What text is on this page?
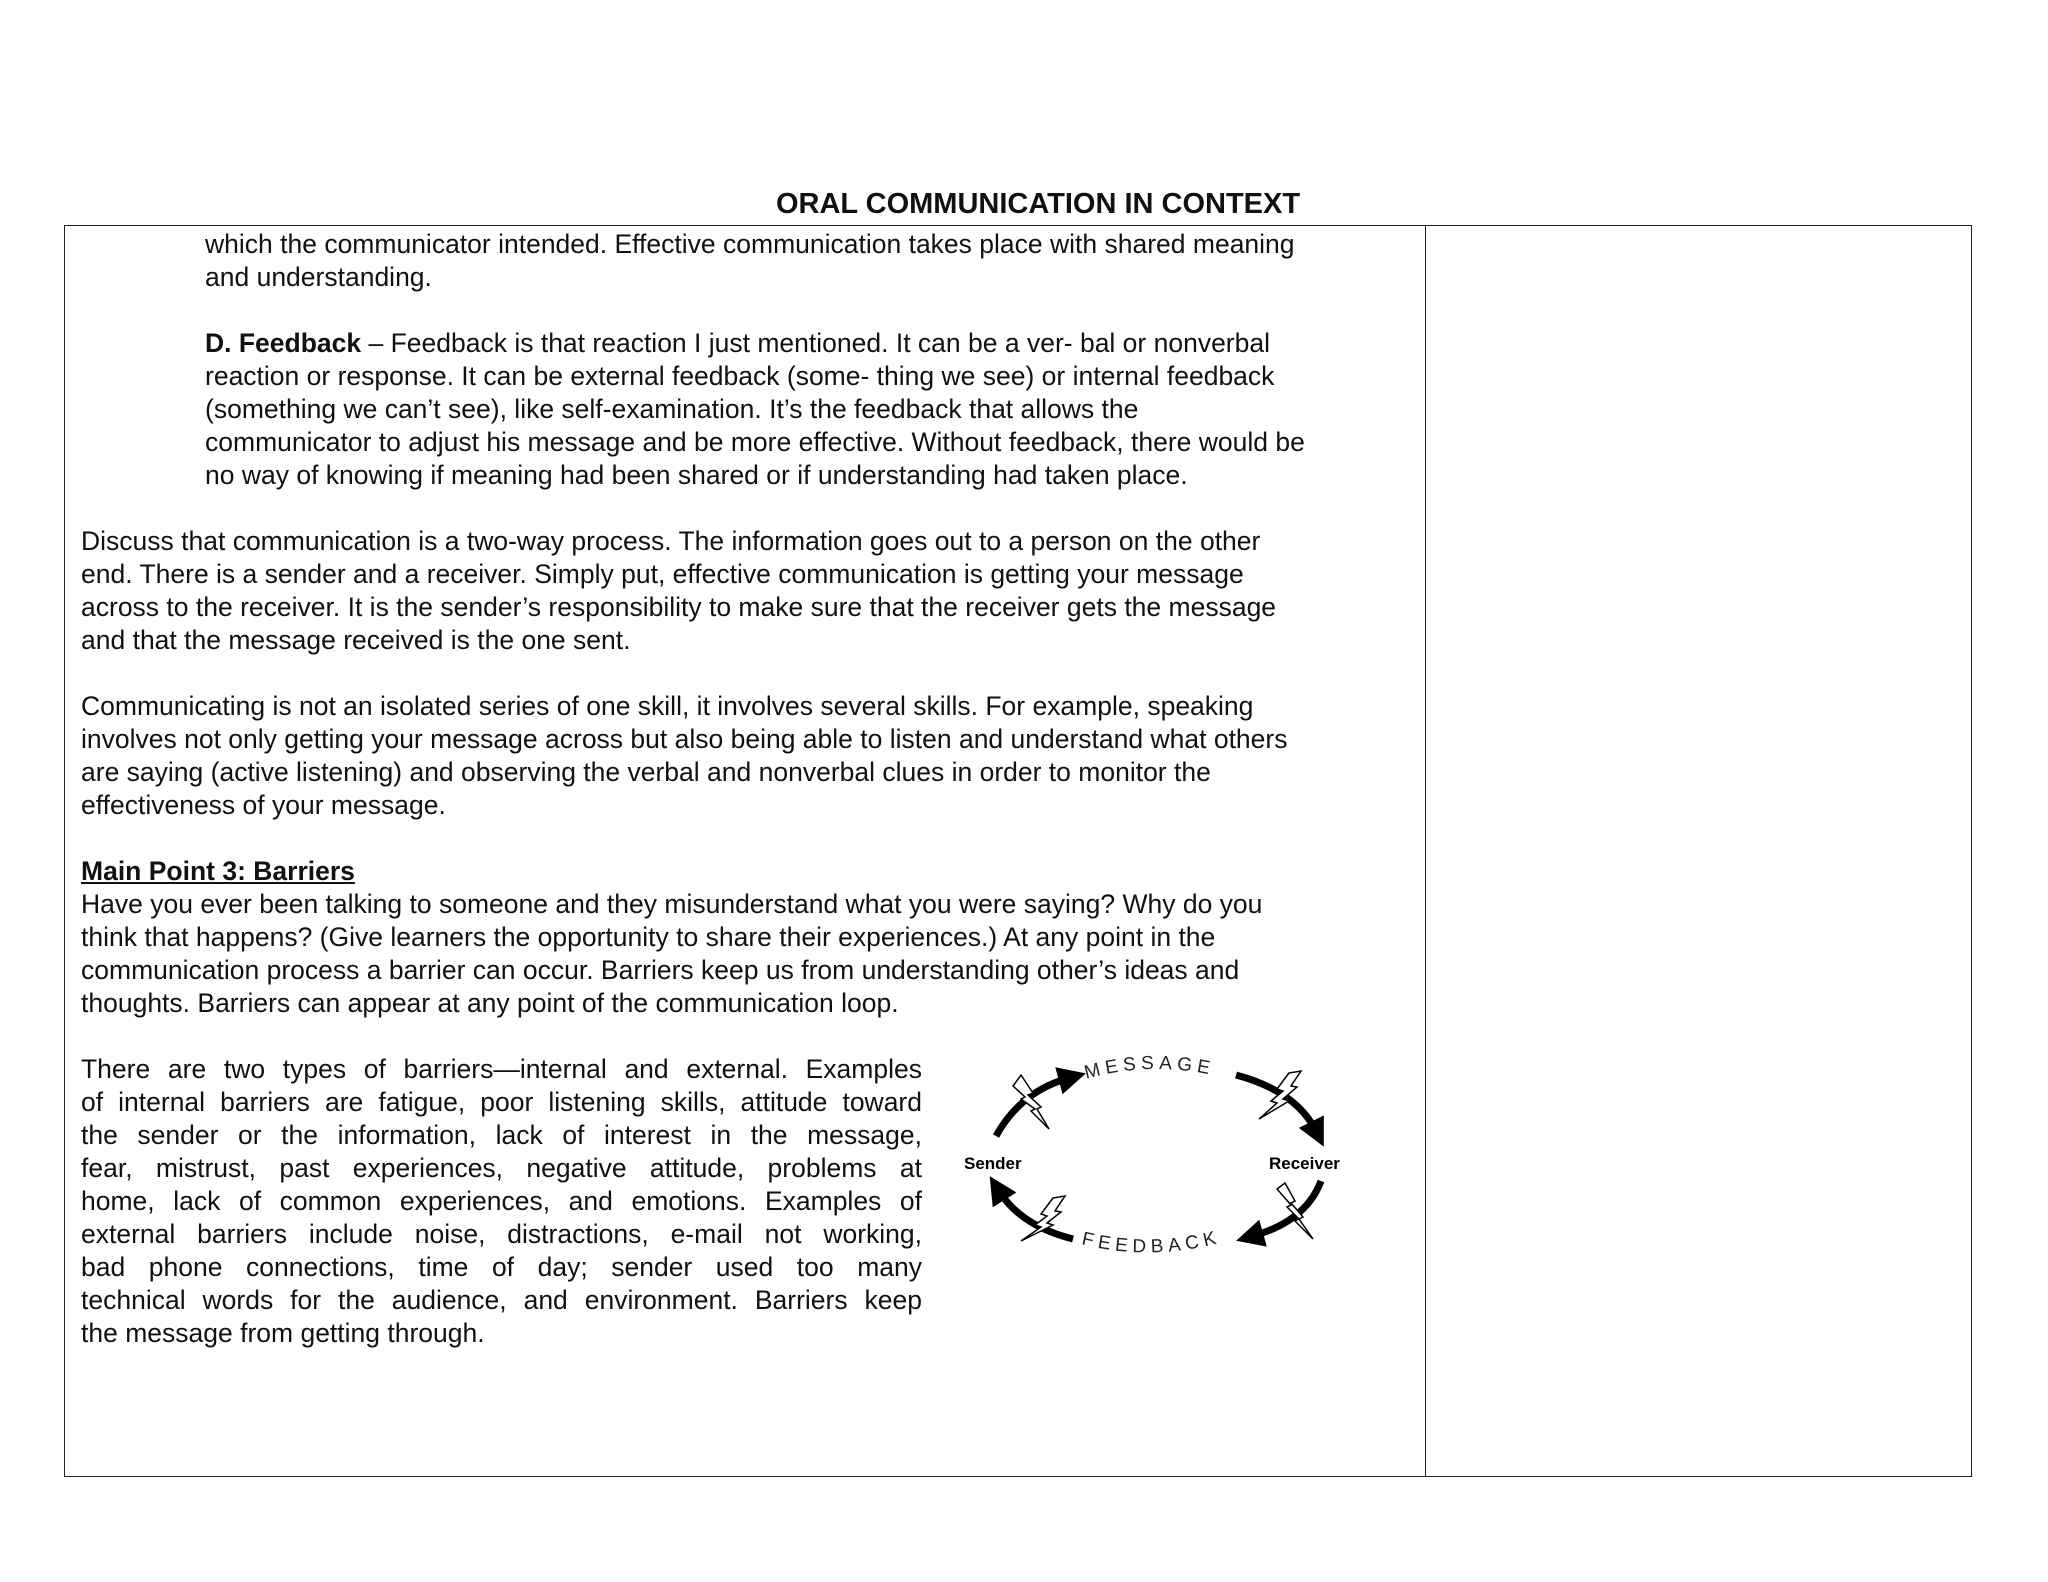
ORAL COMMUNICATION IN CONTEXT
which the communicator intended. Effective communication takes place with shared meaning
and understanding.
D. Feedback – Feedback is that reaction I just mentioned. It can be a ver- bal or nonverbal
reaction or response. It can be external feedback (some- thing we see) or internal feedback
(something we can’t see), like self-examination. It’s the feedback that allows the
communicator to adjust his message and be more effective. Without feedback, there would be
no way of knowing if meaning had been shared or if understanding had taken place.
Discuss that communication is a two-way process. The information goes out to a person on the other
end. There is a sender and a receiver. Simply put, effective communication is getting your message
across to the receiver. It is the sender’s responsibility to make sure that the receiver gets the message
and that the message received is the one sent.
Communicating is not an isolated series of one skill, it involves several skills. For example, speaking
involves not only getting your message across but also being able to listen and understand what others
are saying (active listening) and observing the verbal and nonverbal clues in order to monitor the
effectiveness of your message.
Main Point 3: Barriers
Have you ever been talking to someone and they misunderstand what you were saying? Why do you
think that happens? (Give learners the opportunity to share their experiences.) At any point in the
communication process a barrier can occur. Barriers keep us from understanding other’s ideas and
thoughts. Barriers can appear at any point of the communication loop.
There are two types of barriers—internal and external. Examples
of internal barriers are fatigue, poor listening skills, attitude toward
the sender or the information, lack of interest in the message,
fear, mistrust, past experiences, negative attitude, problems at
home, lack of common experiences, and emotions. Examples of
external barriers include noise, distractions, e-mail not working,
bad phone connections, time of day; sender used too many
technical words for the audience, and environment. Barriers keep
the message from getting through.
MESSAGE
FEEDBACK
Sender	Receiver
